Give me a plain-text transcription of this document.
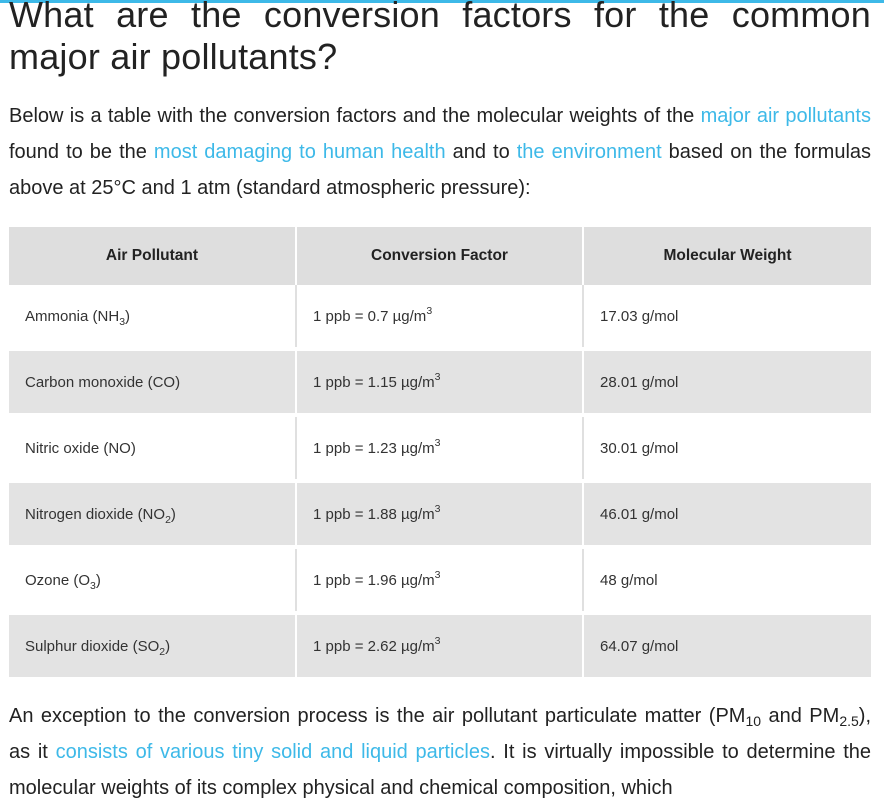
What are the conversion factors for the common major air pollutants?

Below is a table with the conversion factors and the molecular weights of the major air pollutants found to be the most damaging to human health and to the environment based on the formulas above at 25°C and 1 atm (standard atmospheric pressure):

Air Pollutant	Conversion Factor	Molecular Weight
Ammonia $(NH_3)$	1 ppb = 0.7 $\mu g/m^3$	17.03 g/mol

Carbon monoxide (CO)	1 ppb = 1.15 $\mu g/m^3$	28.01 g/mol

Nitric oxide (NO)	1 ppb = 1.23 $\mu g/m^3$	30.01 g/mol

Nitrogen dioxide $(NO_2)$	1 ppb = 1.88 $\mu g/m^3$	46.01 g/mol

Ozone $(O_3)$	1 ppb = 1.96 $\mu g/m^3$	48 g/mol

Sulphur dioxide $(SO_2)$	1 ppb = 2.62 $\mu g/m^3$	64.07 g/mol

An exception to the conversion process is the air pollutant particulate matter ($PM_{10}$ and $PM_{2.5}$), as it consists of various tiny solid and liquid particles. It is virtually impossible to determine the molecular weights of its complex physical and chemical composition, which
